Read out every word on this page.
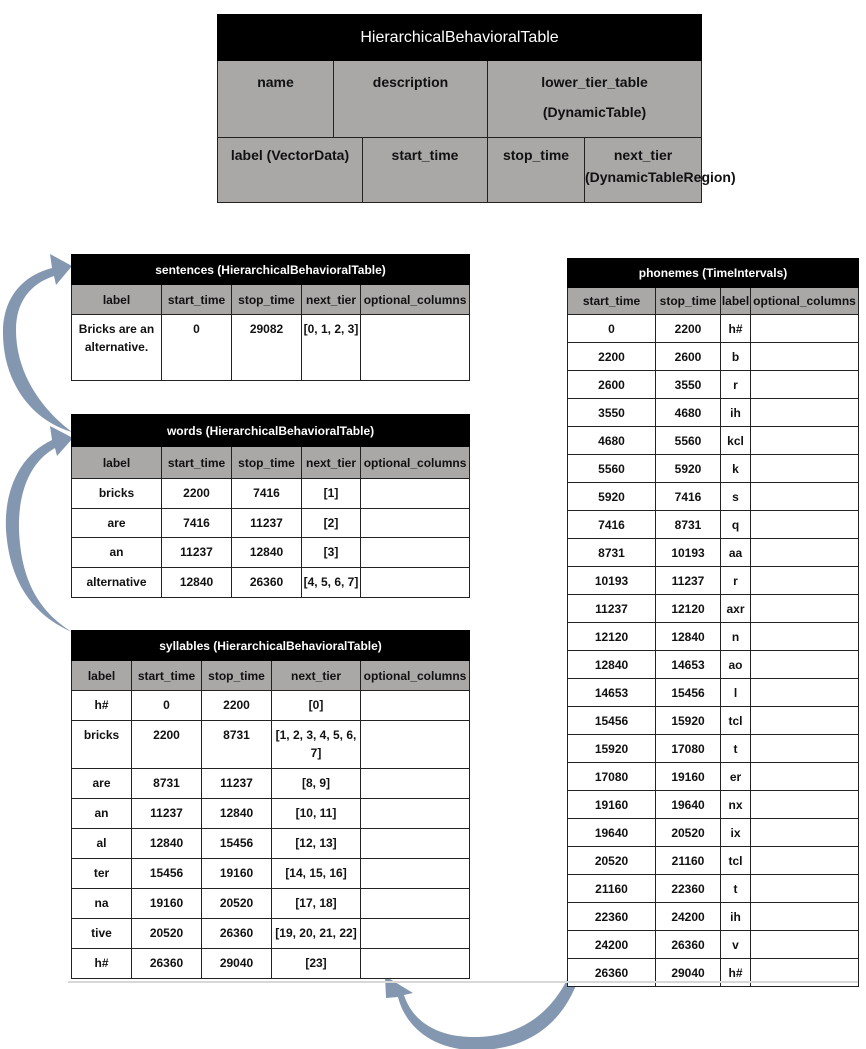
HierarchicalBehavioralTable				
name	description		lower_tier_table (DynamicTable)	
label (VectorData)		start_time	stop_time	next_tier (DynamicTableRegion)
sentences (HierarchicalBehavioralTable)				
label	start_time	stop_time	next_tier	optional_columns
Bricks are an alternative.	0	29082	[0, 1, 2, 3]	
words (HierarchicalBehavioralTable)				
label	start_time	stop_time	next_tier	optional_columns
bricks	2200	7416	[1]	
are	7416	11237	[2]	
an	11237	12840	[3]	
alternative	12840	26360	[4, 5, 6, 7]	
syllables (HierarchicalBehavioralTable)				
label	start_time	stop_time	next_tier	optional_columns
h#	0	2200	[0]	
bricks	2200	8731	[1, 2, 3, 4, 5, 6, 7]	
are	8731	11237	[8, 9]	
an	11237	12840	[10, 11]	
al	12840	15456	[12, 13]	
ter	15456	19160	[14, 15, 16]	
na	19160	20520	[17, 18]	
tive	20520	26360	[19, 20, 21, 22]	
h#	26360	29040	[23]	
phonemes (TimeIntervals)			
start_time	stop_time	label	optional_columns
0	2200	h#	
2200	2600	b	
2600	3550	r	
3550	4680	ih	
4680	5560	kcl	
5560	5920	k	
5920	7416	s	
7416	8731	q	
8731	10193	aa	
10193	11237	r	
11237	12120	axr	
12120	12840	n	
12840	14653	ao	
14653	15456	l	
15456	15920	tcl	
15920	17080	t	
17080	19160	er	
19160	19640	nx	
19640	20520	ix	
20520	21160	tcl	
21160	22360	t	
22360	24200	ih	
24200	26360	v	
26360	29040	h#	
